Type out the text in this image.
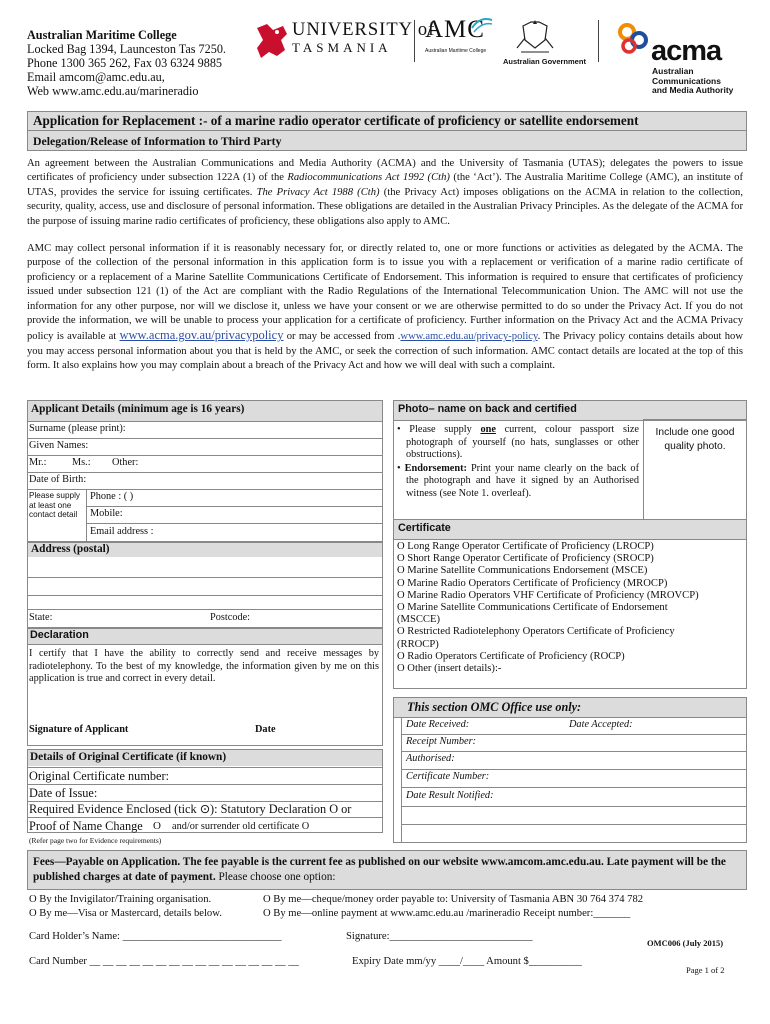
Australian Maritime College
Locked Bag 1394, Launceston Tas 7250.
Phone 1300 365 262, Fax 03 6324 9885
Email amcom@amc.edu.au,
Web www.amc.edu.au/marineradio
UNIVERSITY of
TASMANIA
AMC
Australian Maritime College
Australian Government acma
Australian
Communications
and Media Authority
Application for Replacement :- of a marine radio operator certificate of proficiency or satellite endorsement
Delegation/Release of Information to Third Party
An agreement between the Australian Communications and Media Authority (ACMA) and the University of Tasmania (UTAS); delegates the powers to issue certificates of proficiency under subsection 122A (1) of the Radiocommunications Act 1992 (Cth) (the ‘Act’). The Australia Maritime College (AMC), an institute of UTAS, provides the service for issuing certificates. The Privacy Act 1988 (Cth) (the Privacy Act) imposes obligations on the ACMA in relation to the collection, security, quality, access, use and disclosure of personal information. These obligations are detailed in the Australian Privacy Principles. As the delegate of the ACMA for the purpose of issuing marine radio certificates of proficiency, these obligations also apply to AMC.
AMC may collect personal information if it is reasonably necessary for, or directly related to, one or more functions or activities as delegated by the ACMA. The purpose of the collection of the personal information in this application form is to issue you with a replacement or verification of a marine radio certificate of proficiency or a replacement of a Marine Satellite Communications Certificate of Endorsement. This information is required to ensure that certificates of proficiency issued under subsection 121 (1) of the Act are compliant with the Radio Regulations of the International Telecommunication Union. The AMC will not use the information for any other purpose, nor will we disclose it, unless we have your consent or we are otherwise permitted to do so under the Privacy Act. If you do not provide the information, we will be unable to process your application for a certificate of proficiency. Further information on the Privacy Act and the ACMA Privacy policy is available at www.acma.gov.au/privacypolicy or may be accessed from .www.amc.edu.au/privacy-policy. The Privacy policy contains details about how you may access personal information about you that is held by the AMC, or seek the correction of such information. AMC contact details are located at the top of this form. It also explains how you may complain about a breach of the Privacy Act and how we will deal with such a complaint.
Applicant Details (minimum age is 16 years)
Surname (please print):
Given Names:
Mr.: Ms.: Other:
Date of Birth:
Please supply at least one contact detail
Phone : ( )
Mobile:
Email address :
Address (postal)
State:	Postcode:
Declaration
I certify that I have the ability to correctly send and receive messages by radiotelephony. To the best of my knowledge, the information given by me on this application is true and correct in every detail.
Signature of Applicant	Date
Details of Original Certificate (if known)
Original Certificate number:
Date of Issue:
Required Evidence Enclosed (tick ⊙): Statutory Declaration O or
Proof of Name Change O and/or surrender old certificate O
(Refer page two for Evidence requirements)
Photo– name on back and certified
• Please supply one current, colour passport size photograph of yourself (no hats, sunglasses or other obstructions).
• Endorsement: Print your name clearly on the back of the photograph and have it signed by an Authorised witness (see Note 1. overleaf).
Include one good quality photo.
Certificate
O Long Range Operator Certificate of Proficiency (LROCP)
O Short Range Operator Certificate of Proficiency (SROCP)
O Marine Satellite Communications Endorsement (MSCE)
O Marine Radio Operators Certificate of Proficiency (MROCP)
O Marine Radio Operators VHF Certificate of Proficiency (MROVCP)
O Marine Satellite Communications Certificate of Endorsement
(MSCCE)
O Restricted Radiotelephony Operators Certificate of Proficiency
(RROCP)
O Radio Operators Certificate of Proficiency (ROCP)
O Other (insert details):-
This section OMC Office use only:
Date Received:	Date Accepted:
Receipt Number:
Authorised:
Certificate Number:
Date Result Notified:
Fees—Payable on Application. The fee payable is the current fee as published on our website www.amcom.amc.edu.au. Late payment will be the published charges at date of payment. Please choose one option:
O By the Invigilator/Training organisation.	O By me—cheque/money order payable to: University of Tasmania ABN 30 764 374 782
O By me—Visa or Mastercard, details below.	O By me—online payment at www.amc.edu.au /marineradio Receipt number:_______
Card Holder’s Name: ______________________________	Signature:___________________________
OMC006 (July 2015)
Card Number __ __ __ __ __ __ __ __ __ __ __ __ __ __ __ __	Expiry Date mm/yy ____/____ Amount $__________
Page 1 of 2
